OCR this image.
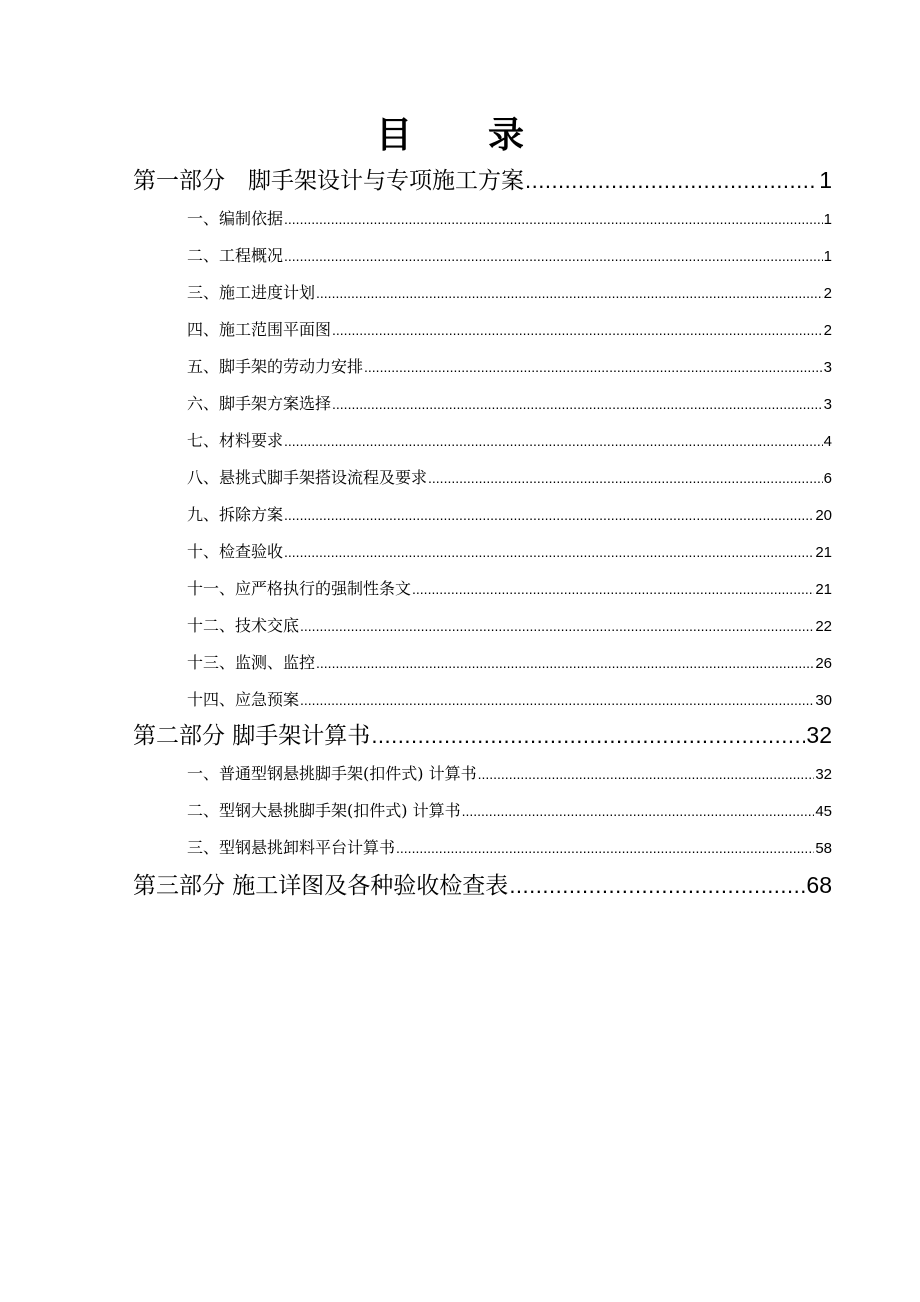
目　录
第一部分　脚手架设计与专项施工方案 .....	1
一、编制依据 .....	1
二、工程概况 .....	1
三、施工进度计划 .....	2
四、施工范围平面图 .....	2
五、脚手架的劳动力安排 .....	3
六、脚手架方案选择 .....	3
七、材料要求 .....	4
八、悬挑式脚手架搭设流程及要求 .....	6
九、拆除方案 .....	20
十、检查验收 .....	21
十一、应严格执行的强制性条文 .....	21
十二、技术交底 .....	22
十三、监测、监控 .....	26
十四、应急预案 .....	30
第二部分 脚手架计算书 .....	32
一、普通型钢悬挑脚手架(扣件式) 计算书 .....	32
二、型钢大悬挑脚手架(扣件式) 计算书 .....	45
三、型钢悬挑卸料平台计算书 .....	58
第三部分 施工详图及各种验收检查表 .....	68
